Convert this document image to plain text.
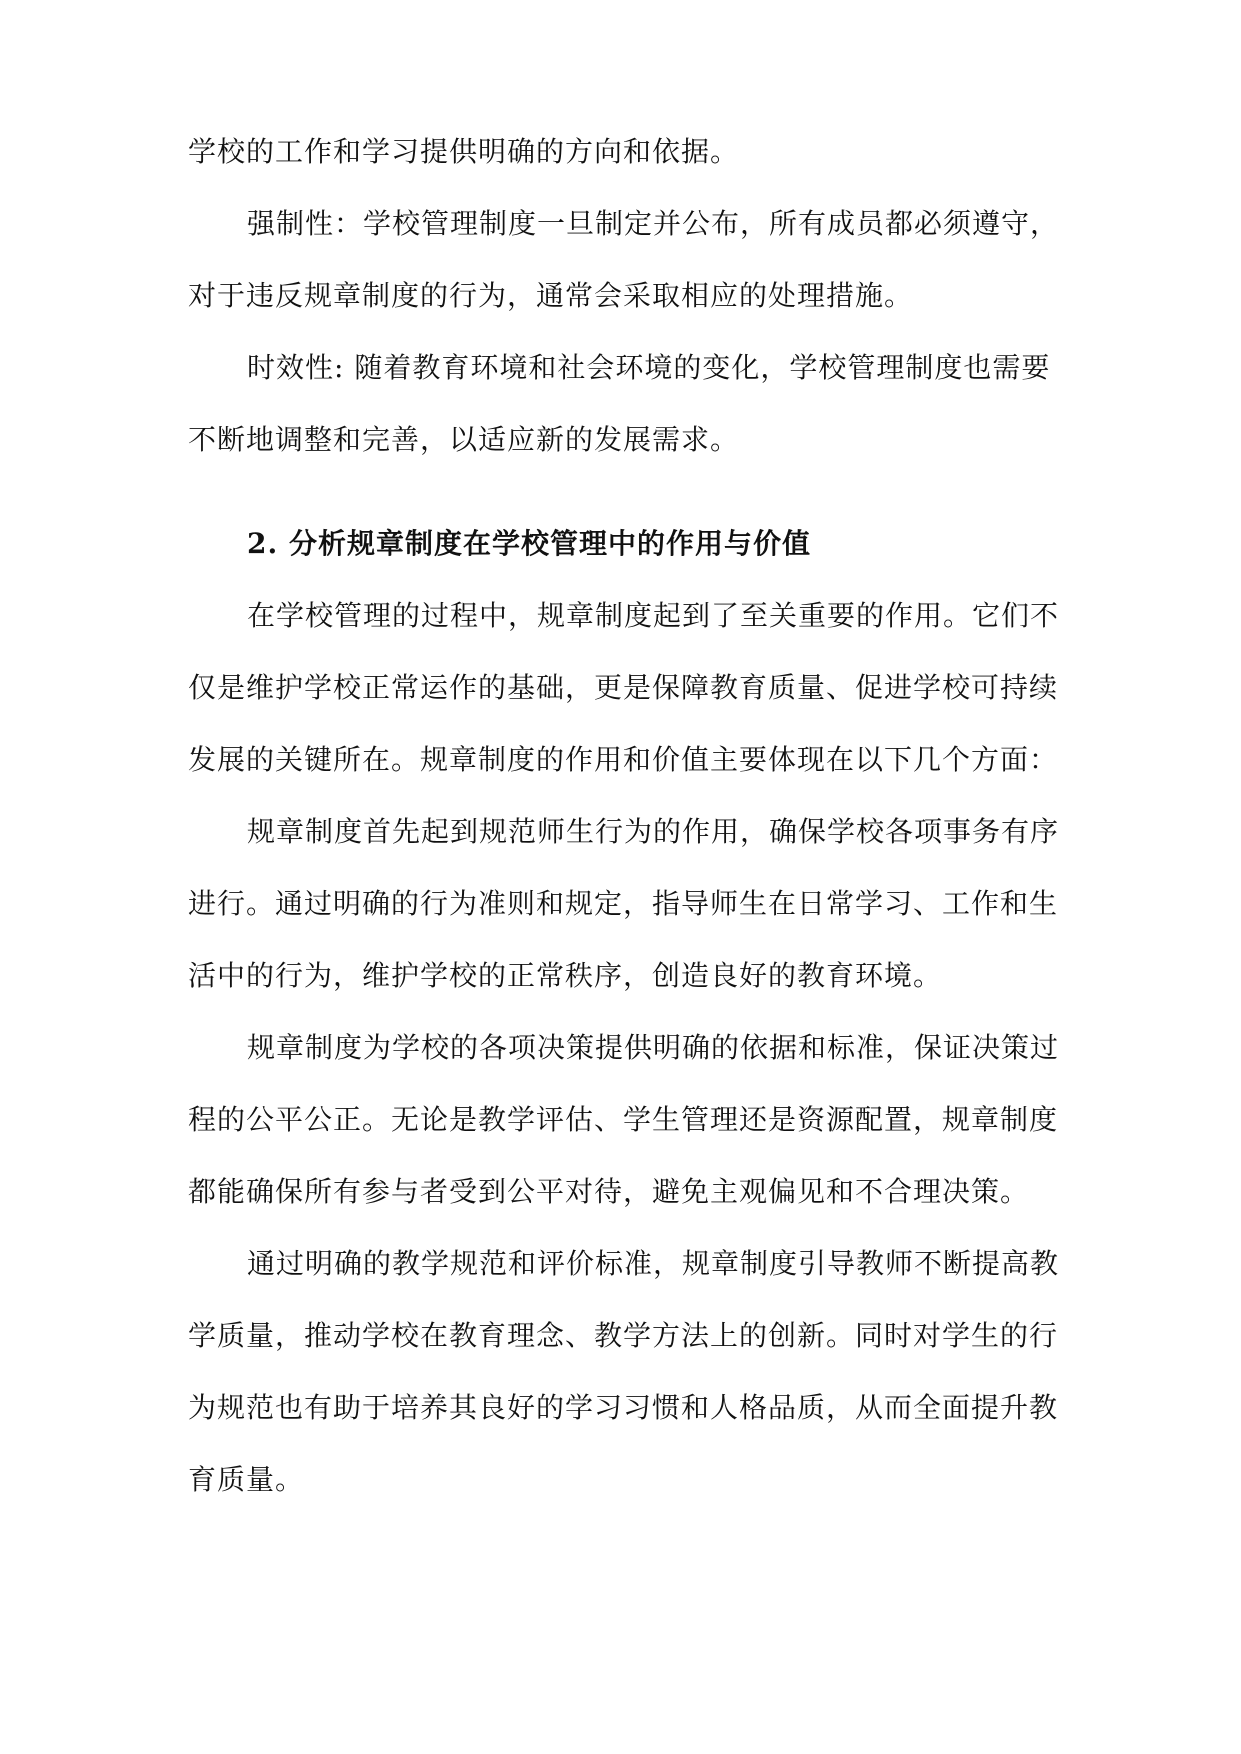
学校的工作和学习提供明确的方向和依据。
强制性：学校管理制度一旦制定并公布，所有成员都必须遵守，
对于违反规章制度的行为，通常会采取相应的处理措施。
时效性: 随着教育环境和社会环境的变化，学校管理制度也需要
不断地调整和完善，以适应新的发展需求。
2. 分析规章制度在学校管理中的作用与价值
在学校管理的过程中，规章制度起到了至关重要的作用。它们不
仅是维护学校正常运作的基础，更是保障教育质量、促进学校可持续
发展的关键所在。规章制度的作用和价值主要体现在以下几个方面：
规章制度首先起到规范师生行为的作用，确保学校各项事务有序
进行。通过明确的行为准则和规定，指导师生在日常学习、工作和生
活中的行为，维护学校的正常秩序，创造良好的教育环境。
规章制度为学校的各项决策提供明确的依据和标准，保证决策过
程的公平公正。无论是教学评估、学生管理还是资源配置，规章制度
都能确保所有参与者受到公平对待，避免主观偏见和不合理决策。
通过明确的教学规范和评价标准，规章制度引导教师不断提高教
学质量，推动学校在教育理念、教学方法上的创新。同时对学生的行
为规范也有助于培养其良好的学习习惯和人格品质，从而全面提升教
育质量。
